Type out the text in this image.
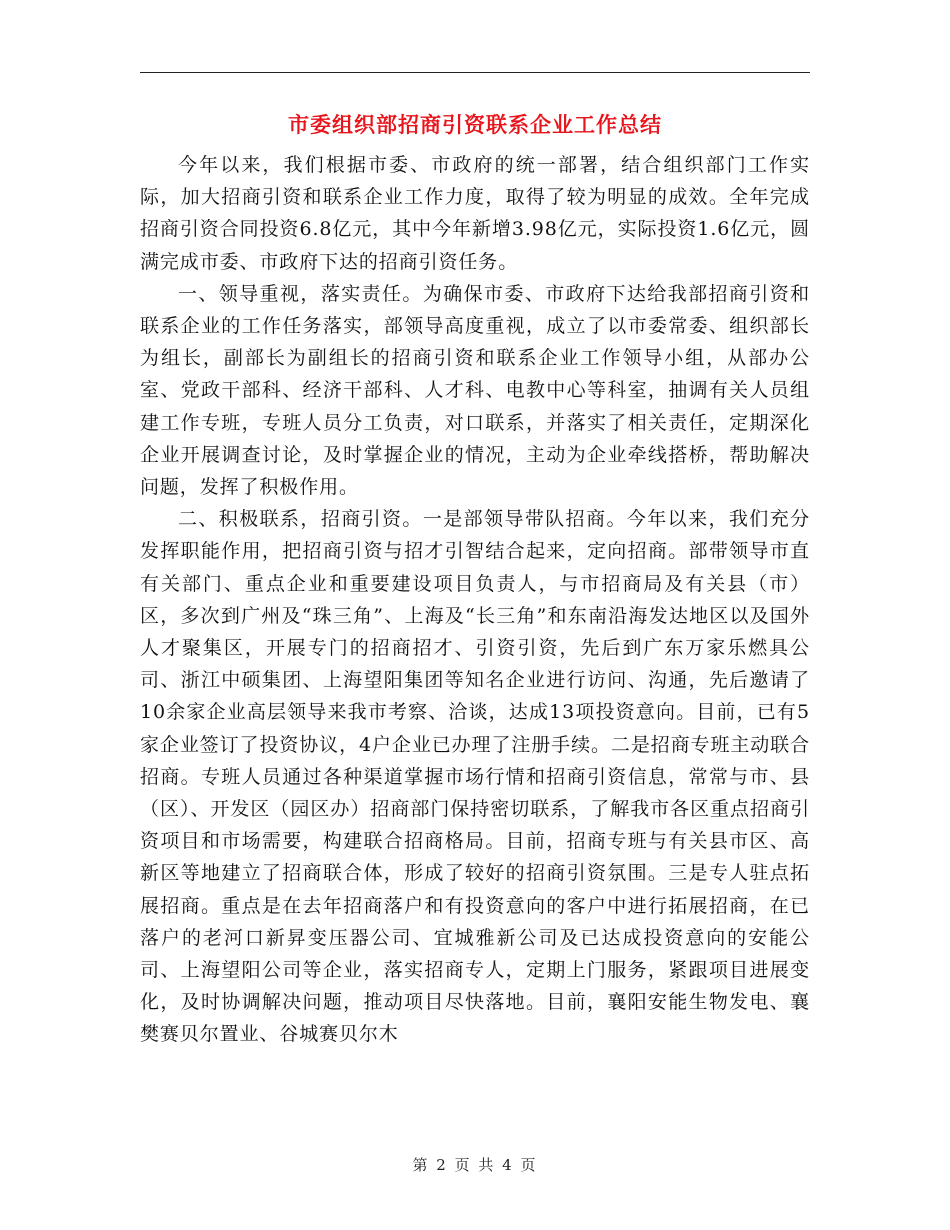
市委组织部招商引资联系企业工作总结

今年以来，我们根据市委、市政府的统一部署，结合组织部门工作实际，加大招商引资和联系企业工作力度，取得了较为明显的成效。全年完成招商引资合同投资6.8亿元，其中今年新增3.98亿元，实际投资1.6亿元，圆满完成市委、市政府下达的招商引资任务。

一、领导重视，落实责任。为确保市委、市政府下达给我部招商引资和联系企业的工作任务落实，部领导高度重视，成立了以市委常委、组织部长为组长，副部长为副组长的招商引资和联系企业工作领导小组，从部办公室、党政干部科、经济干部科、人才科、电教中心等科室，抽调有关人员组建工作专班，专班人员分工负责，对口联系，并落实了相关责任，定期深化企业开展调查讨论，及时掌握企业的情况，主动为企业牵线搭桥，帮助解决问题，发挥了积极作用。

二、积极联系，招商引资。一是部领导带队招商。今年以来，我们充分发挥职能作用，把招商引资与招才引智结合起来，定向招商。部带领导市直有关部门、重点企业和重要建设项目负责人，与市招商局及有关县（市）区，多次到广州及“珠三角”、上海及“长三角”和东南沿海发达地区以及国外人才聚集区，开展专门的招商招才、引资引资，先后到广东万家乐燃具公司、浙江中硕集团、上海望阳集团等知名企业进行访问、沟通，先后邀请了10余家企业高层领导来我市考察、洽谈，达成13项投资意向。目前，已有5家企业签订了投资协议，4户企业已办理了注册手续。二是招商专班主动联合招商。专班人员通过各种渠道掌握市场行情和招商引资信息，常常与市、县（区）、开发区（园区办）招商部门保持密切联系，了解我市各区重点招商引资项目和市场需要，构建联合招商格局。目前，招商专班与有关县市区、高新区等地建立了招商联合体，形成了较好的招商引资氛围。三是专人驻点拓展招商。重点是在去年招商落户和有投资意向的客户中进行拓展招商，在已落户的老河口新昇变压器公司、宜城雅新公司及已达成投资意向的安能公司、上海望阳公司等企业，落实招商专人，定期上门服务，紧跟项目进展变化，及时协调解决问题，推动项目尽快落地。目前，襄阳安能生物发电、襄樊赛贝尔置业、谷城赛贝尔木

第 2 页 共 4 页
